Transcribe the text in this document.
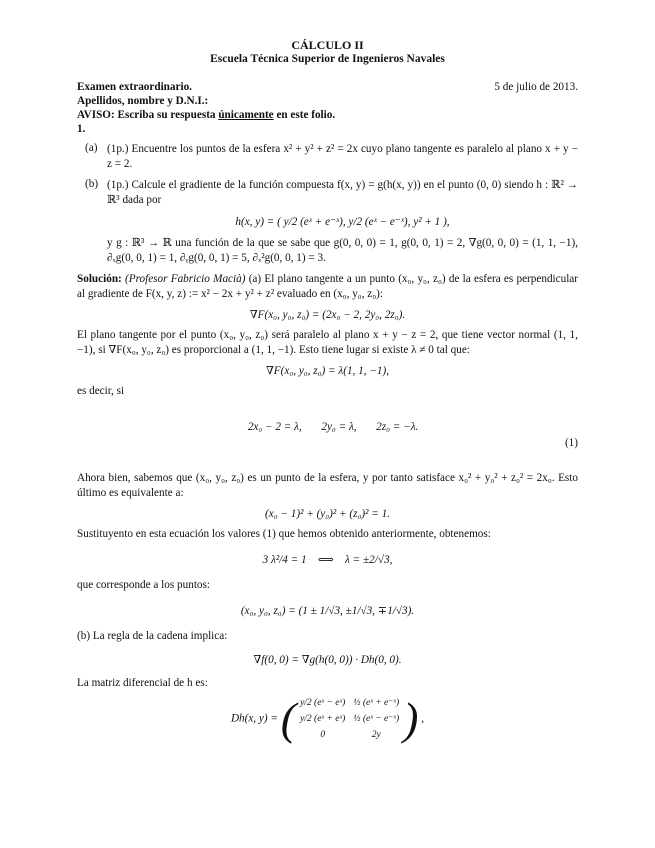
CÁLCULO II
Escuela Técnica Superior de Ingenieros Navales
Examen extraordinario.	5 de julio de 2013.
Apellidos, nombre y D.N.I.:
AVISO: Escriba su respuesta únicamente en este folio.
1.
(a) (1p.) Encuentre los puntos de la esfera x² + y² + z² = 2x cuyo plano tangente es paralelo al plano x + y − z = 2.

(b) (1p.) Calcule el gradiente de la función compuesta f(x, y) = g(h(x, y)) en el punto (0, 0) siendo h : ℝ² → ℝ³ dada por

h(x, y) = ( y/2 (eˣ + e⁻ˣ), y/2 (eˣ − e⁻ˣ), y² + 1 ),

y g : ℝ³ → ℝ una función de la que se sabe que g(0, 0, 0) = 1, g(0, 0, 1) = 2, ∇g(0, 0, 0) = (1, 1, −1), ∂ₓg(0, 0, 1) = 1, ∂ᵧg(0, 0, 1) = 5, ∂ₓ²g(0, 0, 1) = 3.

Solución: (Profesor Fabricio Macià) (a) El plano tangente a un punto (x₀, y₀, z₀) de la esfera es perpendicular al gradiente de F(x, y, z) := x² − 2x + y² + z² evaluado en (x₀, y₀, z₀):

∇F(x₀, y₀, z₀) = (2x₀ − 2, 2y₀, 2z₀).

El plano tangente por el punto (x₀, y₀, z₀) será paralelo al plano x + y − z = 2, que tiene vector normal (1, 1, −1), si ∇F(x₀, y₀, z₀) es proporcional a (1, 1, −1). Esto tiene lugar si existe λ ≠ 0 tal que:

∇F(x₀, y₀, z₀) = λ(1, 1, −1),

es decir, si

2x₀ − 2 = λ,       2y₀ = λ,       2z₀ = −λ.

(1)

Ahora bien, sabemos que (x₀, y₀, z₀) es un punto de la esfera, y por tanto satisface x₀² + y₀² + z₀² = 2x₀. Esto último es equivalente a:

(x₀ − 1)² + (y₀)² + (z₀)² = 1.

Sustituyento en esta ecuación los valores (1) que hemos obtenido anteriormente, obtenemos:

3 λ²/4 = 1    ⟺    λ = ±2/√3,

que corresponde a los puntos:

(x₀, y₀, z₀) = (1 ± 1/√3, ±1/√3, ∓1/√3).

(b) La regla de la cadena implica:

∇f(0, 0) = ∇g(h(0, 0)) · Dh(0, 0).

La matriz diferencial de h es:

Dh(x, y) = ( y/2 (eˣ − eˣ)	½ (eˣ + e⁻ˣ)
y/2 (eˣ + eˣ)	½ (eˣ − e⁻ˣ)
0	2y ) ,
